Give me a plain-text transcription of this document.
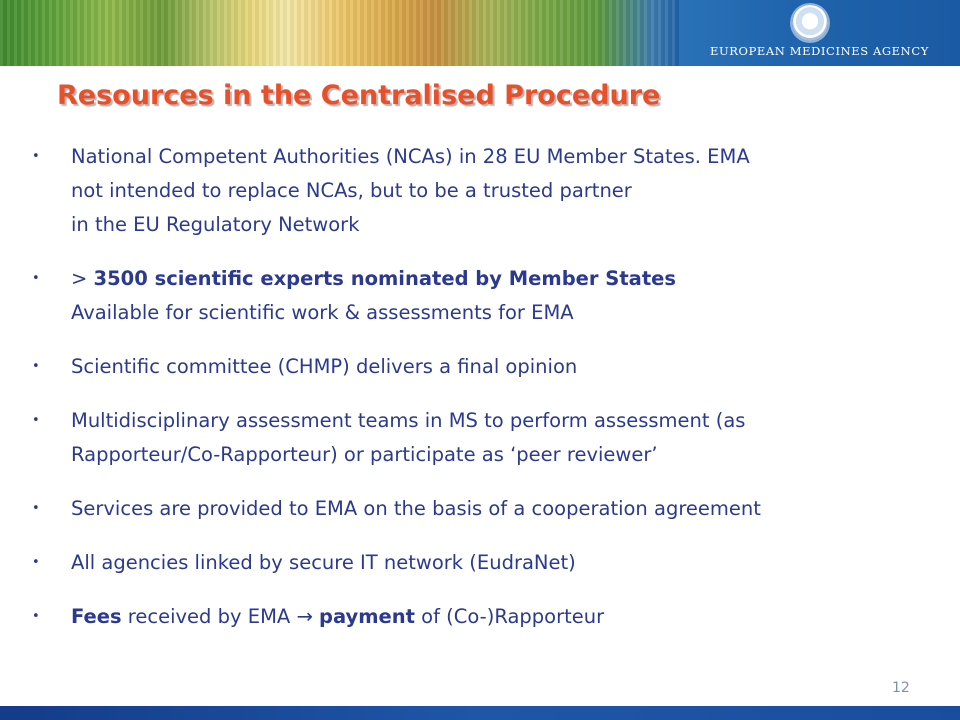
EUROPEAN MEDICINES AGENCY
Resources in the Centralised Procedure
• National Competent Authorities (NCAs) in 28 EU Member States. EMA
not intended to replace NCAs, but to be a trusted partner
in the EU Regulatory Network
• > 3500 scientific experts nominated by Member States
Available for scientific work & assessments for EMA
• Scientific committee (CHMP) delivers a final opinion
• Multidisciplinary assessment teams in MS to perform assessment (as
Rapporteur/Co-Rapporteur) or participate as ‘peer reviewer’
• Services are provided to EMA on the basis of a cooperation agreement
• All agencies linked by secure IT network (EudraNet)
• Fees received by EMA → payment of (Co-)Rapporteur
12
